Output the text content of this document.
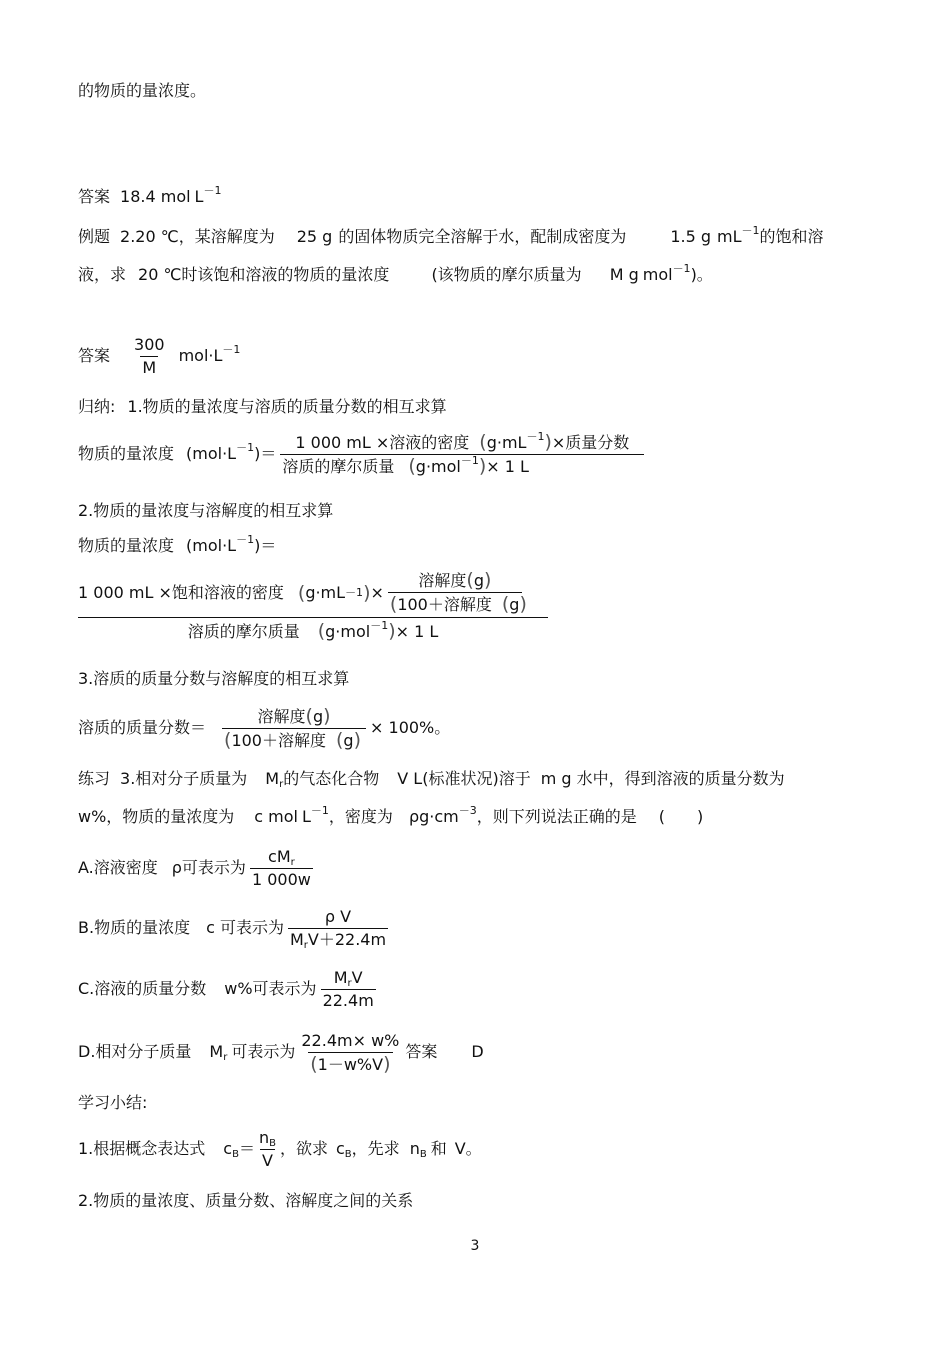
的物质的量浓度。
答案 18.4 mol $L^{-1}$
例题 2.20 ℃，某溶解度为 25 g 的固体物质完全溶解于水，配制成密度为	1.5 g $mL^{-1}$的饱和溶
液，求 20 ℃时该饱和溶液的物质的量浓度	(该物质的摩尔质量为 M g mol$^{-1}$)。
答案 $\frac{300}{M} mol\cdot L^{-1}$
归纳: 1.物质的量浓度与溶质的质量分数的相互求算
物质的量浓度 $(mol\cdot L^{-1})= \frac{1 000 mL \times 溶液的密度 (g\cdot mL^{-1})\times 质量分数}{溶质的摩尔质量 (g\cdot mol^{-1})\times 1 L}$
2.物质的量浓度与溶解度的相互求算
物质的量浓度 $(mol\cdot L^{-1})=$
1 000 mL ×饱和溶液的密度 ( g·mL －1 ) × $\frac{\text{溶解度(g)}}{\text{(100＋溶解度 (g)}}$
溶质的摩尔质量 (g·mol$^{-1}$)× 1 L
3.溶质的质量分数与溶解度的相互求算
溶质的质量分数＝ $\frac{\text{溶解度(g)}}{\text{(100＋溶解度 (g)}} \times 100\%$。
练习 3.相对分子质量为 $M_r$的气态化合物 V L(标准状况)溶于 m g 水中，得到溶液的质量分数为
w%，物质的量浓度为 c mol $L^{-1}$，密度为 $\rho g\cdot cm^{-3}$，则下列说法正确的是 (　　)
A.溶液密度 ρ可表示为 $\frac{cM_r}{1 000w}$
B.物质的量浓度 c 可表示为 $\frac{\text{ρ V}}{M_rV+22.4m}$
C.溶液的质量分数 w%可表示为 $\frac{M_rV}{22.4m}$
D.相对分子质量 $M_r$ 可表示为 $\frac{22.4m\times w\%}{(1-w\%V)}$ 答案 D
学习小结:
1.根据概念表达式 $c_B= \frac{n_B}{V}$ ，欲求 $c_B$，先求 $n_B$ 和 V。
2.物质的量浓度、质量分数、溶解度之间的关系
3
